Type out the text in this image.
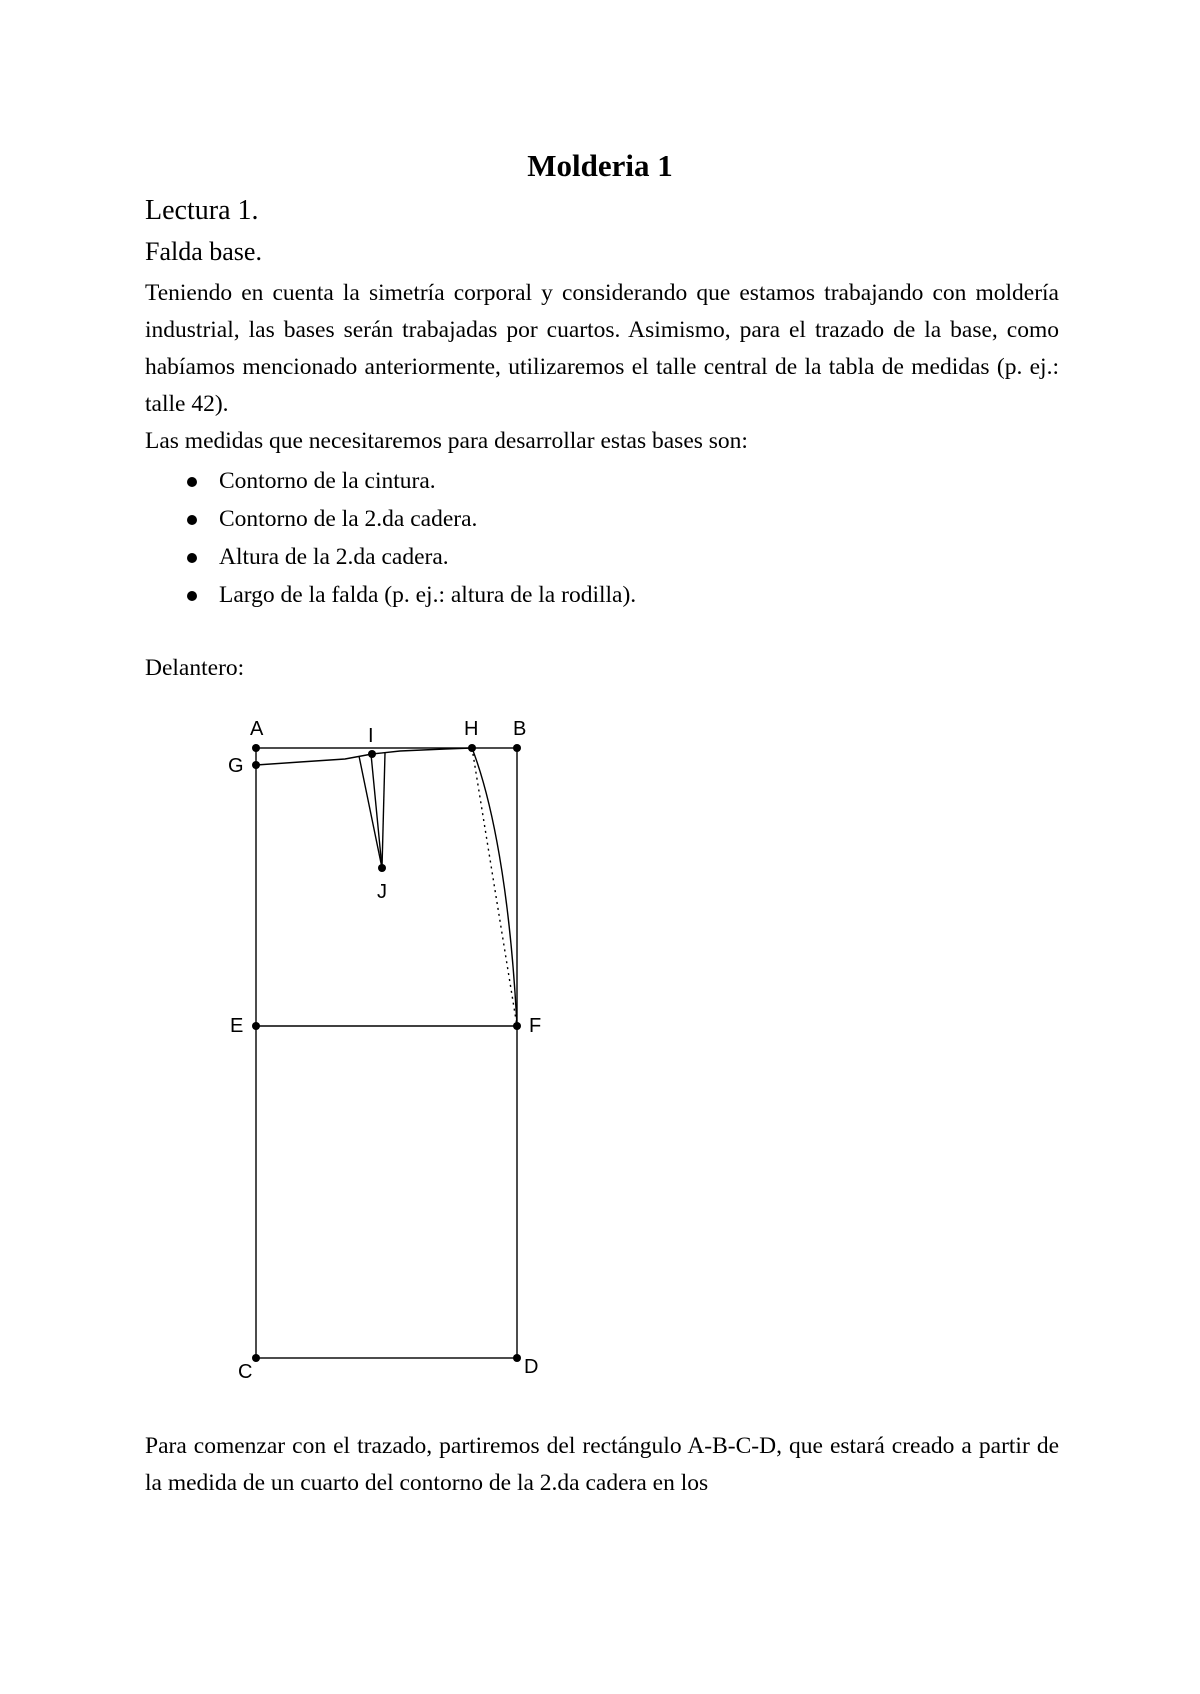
Molderia 1
Lectura 1.
Falda base.

Teniendo en cuenta la simetría corporal y considerando que estamos trabajando con moldería industrial, las bases serán trabajadas por cuartos. Asimismo, para el trazado de la base, como habíamos mencionado anteriormente, utilizaremos el talle central de la tabla de medidas (p. ej.: talle 42).

Las medidas que necesitaremos para desarrollar estas bases son:

Contorno de la cintura.
Contorno de la 2.da cadera.
Altura de la 2.da cadera.
Largo de la falda (p. ej.: altura de la rodilla).

Delantero:

A	B
C	D
E	F
G
H
I
J

Para comenzar con el trazado, partiremos del rectángulo A-B-C-D, que estará creado a partir de la medida de un cuarto del contorno de la 2.da cadera en los
